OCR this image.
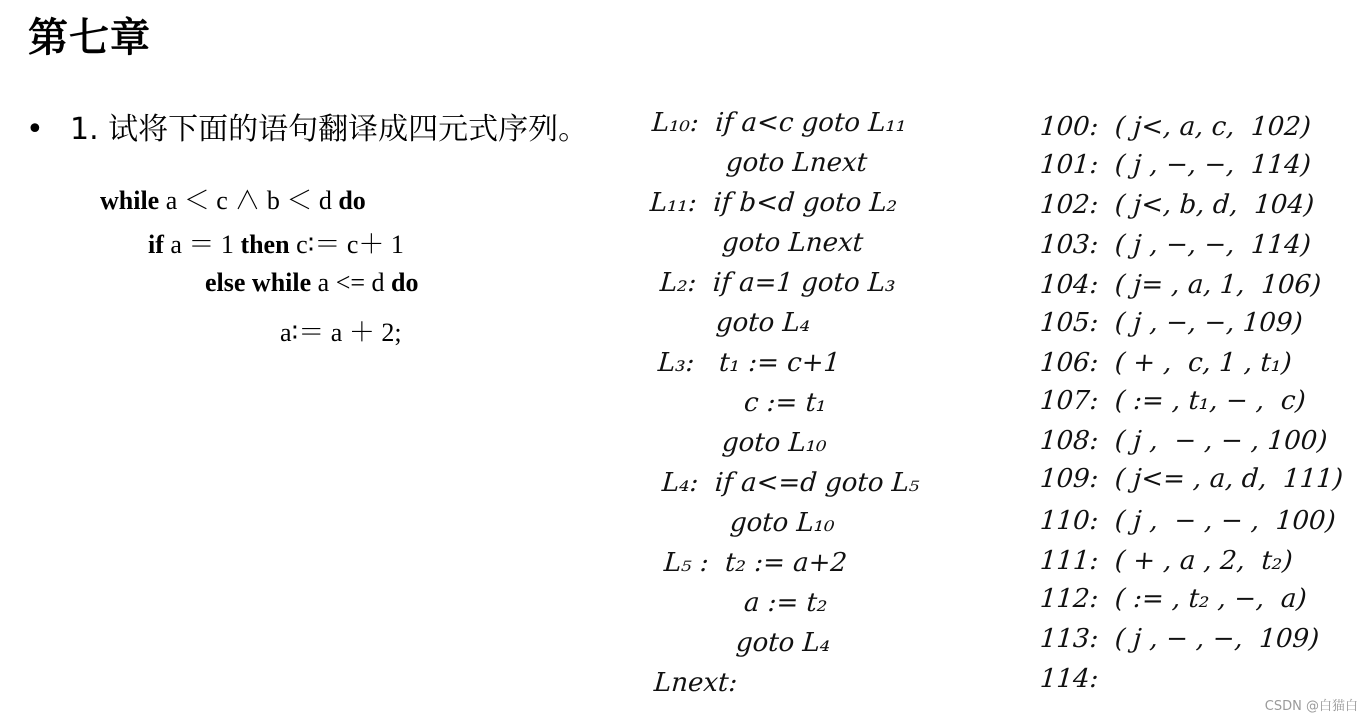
第七章
• 1. 试将下面的语句翻译成四元式序列。

while a ＜ c ∧ b ＜ d do

if a ＝ 1 then c∶＝ c＋ 1

else while a <= d do

a∶＝ a ＋ 2;

L₁₀:  if a<c goto L₁₁
goto Lnext
L₁₁:  if b<d goto L₂
goto Lnext
L₂:  if a=1 goto L₃
goto L₄
L₃:   t₁ := c+1
c := t₁
goto L₁₀
L₄:  if a<=d goto L₅
goto L₁₀
L₅ :  t₂ := a+2
a := t₂
goto L₄
Lnext:
100:  ( j<, a, c,  102)
101:  ( j , −, −,  114)
102:  ( j<, b, d,  104)
103:  ( j , −, −,  114)
104:  ( j= , a, 1,  106)
105:  ( j , −, −, 109)
106:  ( + ,  c, 1 , t₁)
107:  ( := , t₁, − ,  c)
108:  ( j ,  − , − , 100)
109:  ( j<= , a, d,  111)
110:  ( j ,  − , − ,  100)
111:  ( + , a , 2,  t₂)
112:  ( := , t₂ , −,  a)
113:  ( j , − , −,  109)
114:
CSDN @白猫白
